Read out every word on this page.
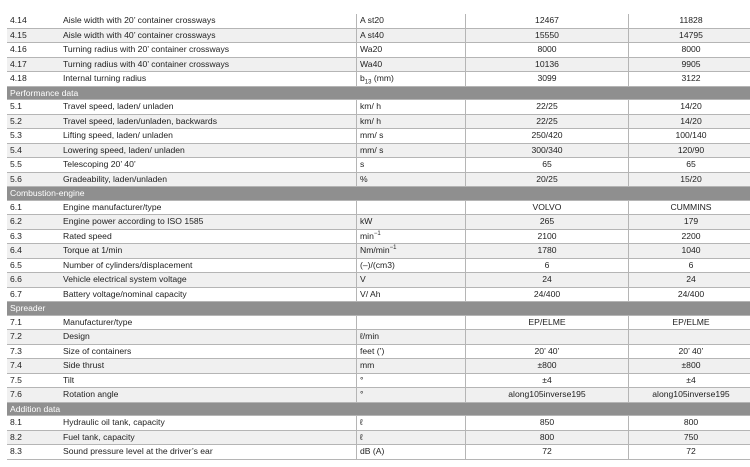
4.14	Aisle width with 20’ container crossways	A st20	12467	11828
4.15	Aisle width with 40’ container crossways	A st40	15550	14795
4.16	Turning radius with 20’ container crossways	Wa20	8000	8000
4.17	Turning radius with 40’ container crossways	Wa40	10136	9905
4.18	Internal turning radius	$b_{13}$ (mm)	3099	3122
Performance data				
5.1	Travel speed, laden/ unladen	km/ h	22/25	14/20
5.2	Travel speed, laden/unladen, backwards	km/ h	22/25	14/20
5.3	Lifting speed, laden/ unladen	mm/ s	250/420	100/140
5.4	Lowering speed, laden/ unladen	mm/ s	300/340	120/90
5.5	Telescoping 20’ 40’	s	65	65
5.6	Gradeability, laden/unladen	%	20/25	15/20
Combustion-engine				
6.1	Engine manufacturer/type		VOLVO	CUMMINS
6.2	Engine power according to ISO 1585	kW	265	179
6.3	Rated speed	$\min^{-1}$	2100	2200
6.4	Torque at 1/min	$Nm/\min^{-1}$	1780	1040
6.5	Number of cylinders/displacement	(–)/(cm3)	6	6
6.6	Vehicle electrical system voltage	V	24	24
6.7	Battery voltage/nominal capacity	V/ Ah	24/400	24/400
Spreader				
7.1	Manufacturer/type		EP/ELME	EP/ELME
7.2	Design	ℓ/min		
7.3	Size of containers	feet (’)	20’ 40’	20’ 40’
7.4	Side thrust	mm	±800	±800
7.5	Tilt	°	±4	±4
7.6	Rotation angle	°	along105inverse195	along105inverse195
Addition data				
8.1	Hydraulic oil tank, capacity	ℓ	850	800
8.2	Fuel tank, capacity	ℓ	800	750
8.3	Sound pressure level at the driver’s ear	dB (A)	72	72
